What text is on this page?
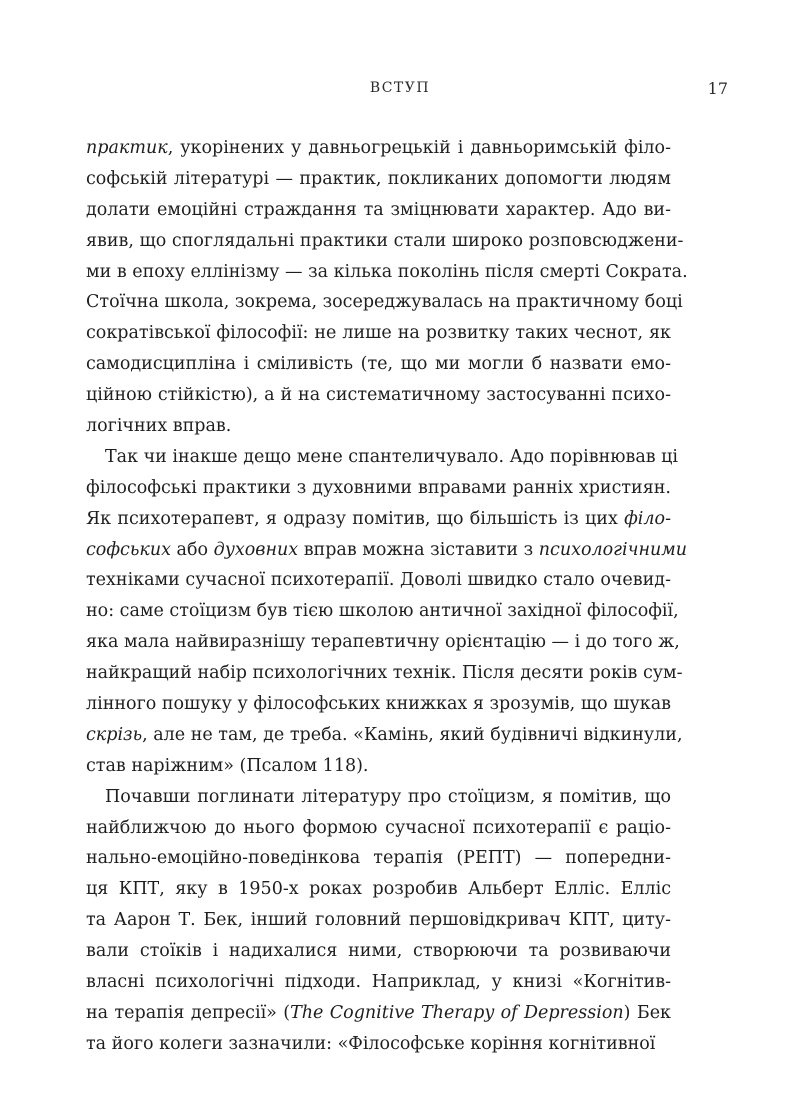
ВСТУП	17
практик, укорінених у давньогрецькій і давньоримській філо-
софській літературі — практик, покликаних допомогти людям
долати емоційні страждання та зміцнювати характер. Адо ви-
явив, що споглядальні практики стали широко розповсюджени-
ми в епоху еллінізму — за кілька поколінь після смерті Сократа.
Стоїчна школа, зокрема, зосереджувалась на практичному боці
сократівської філософії: не лише на розвитку таких чеснот, як
самодисципліна і сміливість (те, що ми могли б назвати емо-
ційною стійкістю), а й на систематичному застосуванні психо-
логічних вправ.
Так чи інакше дещо мене спантеличувало. Адо порівнював ці
філософські практики з духовними вправами ранніх християн.
Як психотерапевт, я одразу помітив, що більшість із цих філо-
софських або духовних вправ можна зіставити з психологічними
техніками сучасної психотерапії. Доволі швидко стало очевид-
но: саме стоїцизм був тією школою античної західної філософії,
яка мала найвиразнішу терапевтичну орієнтацію — і до того ж,
найкращий набір психологічних технік. Після десяти років сум-
лінного пошуку у філософських книжках я зрозумів, що шукав
скрізь, але не там, де треба. «Камінь, який будівничі відкинули,
став наріжним» (Псалом 118).
Почавши поглинати літературу про стоїцизм, я помітив, що
найближчою до нього формою сучасної психотерапії є раціо-
нально-емоційно-поведінкова терапія (РЕПТ) — попередни-
ця КПТ, яку в 1950-х роках розробив Альберт Елліс. Елліс
та Аарон Т. Бек, інший головний першовідкривач КПТ, циту-
вали стоїків і надихалися ними, створюючи та розвиваючи
власні психологічні підходи. Наприклад, у книзі «Когнітив-
на терапія депресії» (The Cognitive Therapy of Depression) Бек
та його колеги зазначили: «Філософське коріння когнітивної
